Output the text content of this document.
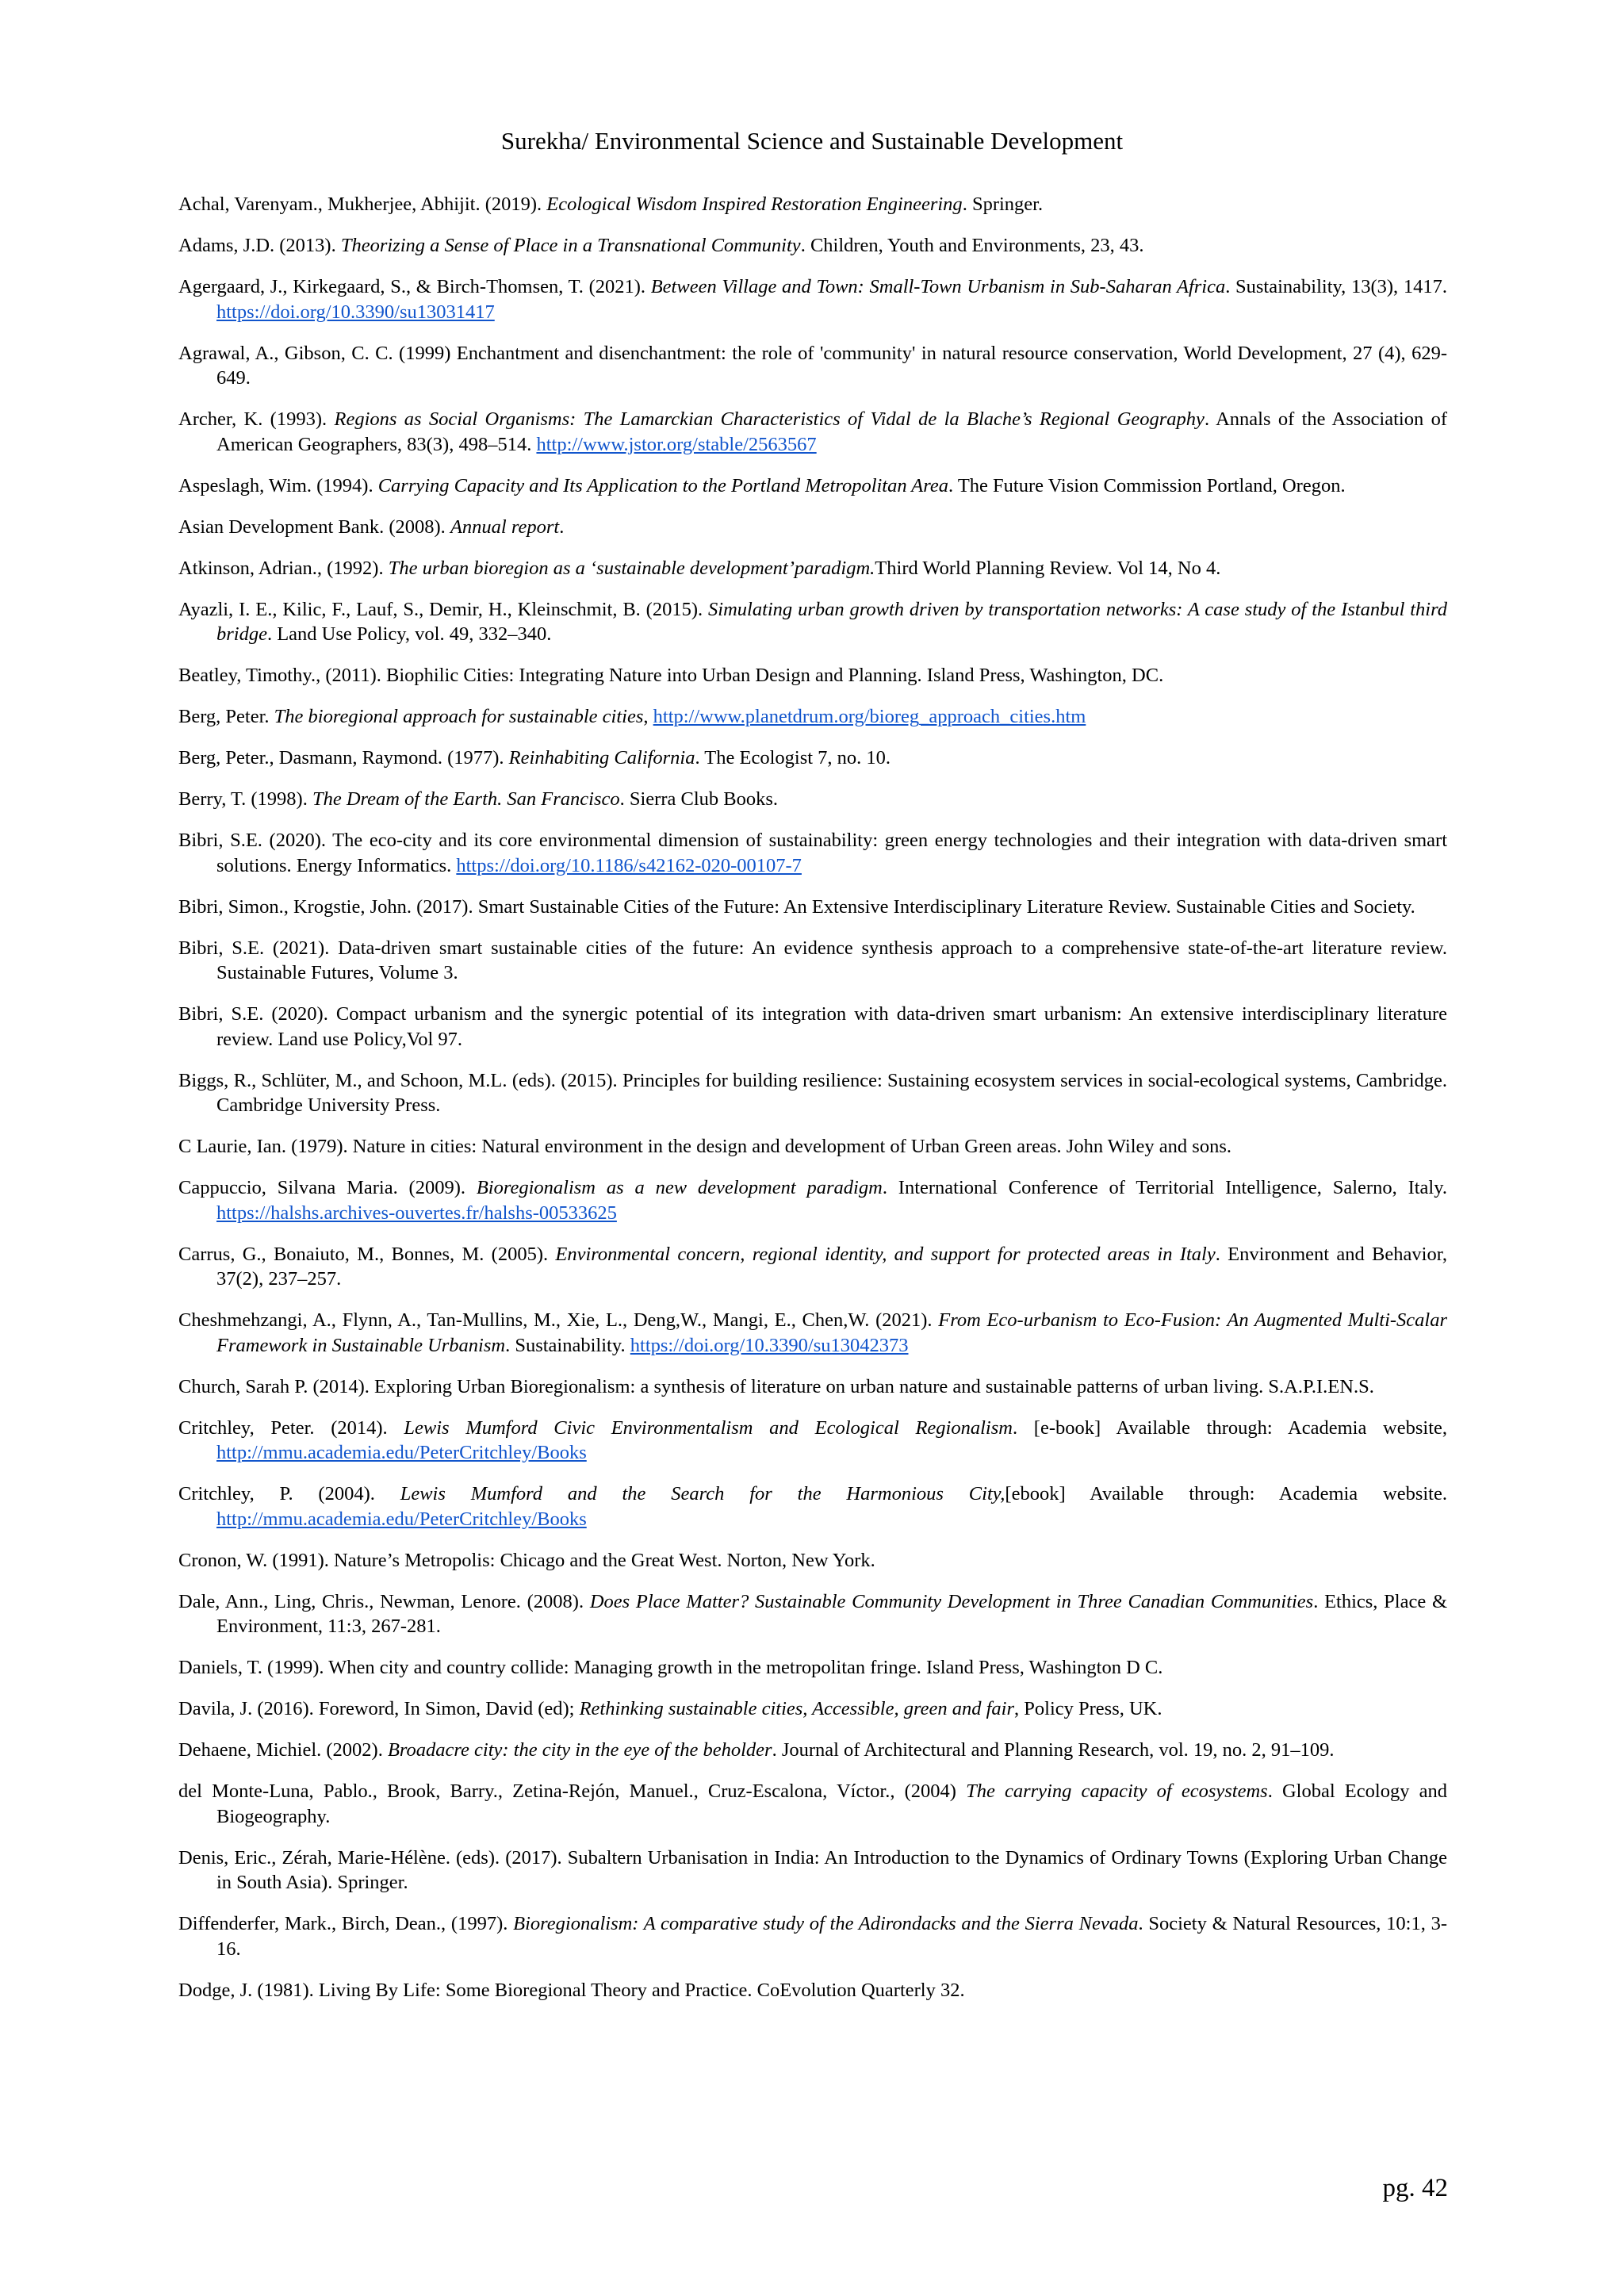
Surekha/ Environmental Science and Sustainable Development

Achal, Varenyam., Mukherjee, Abhijit. (2019). Ecological Wisdom Inspired Restoration Engineering. Springer.

Adams, J.D. (2013). Theorizing a Sense of Place in a Transnational Community. Children, Youth and Environments, 23, 43.

Agergaard, J., Kirkegaard, S., & Birch-Thomsen, T. (2021). Between Village and Town: Small-Town Urbanism in Sub-Saharan Africa. Sustainability, 13(3), 1417. https://doi.org/10.3390/su13031417

Agrawal, A., Gibson, C. C. (1999) Enchantment and disenchantment: the role of 'community' in natural resource conservation, World Development, 27 (4), 629-649.

Archer, K. (1993). Regions as Social Organisms: The Lamarckian Characteristics of Vidal de la Blache’s Regional Geography. Annals of the Association of American Geographers, 83(3), 498–514. http://www.jstor.org/stable/2563567

Aspeslagh, Wim. (1994). Carrying Capacity and Its Application to the Portland Metropolitan Area. The Future Vision Commission Portland, Oregon.

Asian Development Bank. (2008). Annual report.

Atkinson, Adrian., (1992). The urban bioregion as a ‘sustainable development’paradigm.Third World Planning Review. Vol 14, No 4.

Ayazli, I. E., Kilic, F., Lauf, S., Demir, H., Kleinschmit, B. (2015). Simulating urban growth driven by transportation networks: A case study of the Istanbul third bridge. Land Use Policy, vol. 49, 332–340.

Beatley, Timothy., (2011). Biophilic Cities: Integrating Nature into Urban Design and Planning. Island Press, Washington, DC.

Berg, Peter. The bioregional approach for sustainable cities, http://www.planetdrum.org/bioreg_approach_cities.htm

Berg, Peter., Dasmann, Raymond. (1977). Reinhabiting California. The Ecologist 7, no. 10.

Berry, T. (1998). The Dream of the Earth. San Francisco. Sierra Club Books.

Bibri, S.E. (2020). The eco-city and its core environmental dimension of sustainability: green energy technologies and their integration with data-driven smart solutions. Energy Informatics. https://doi.org/10.1186/s42162-020-00107-7

Bibri, Simon., Krogstie, John. (2017). Smart Sustainable Cities of the Future: An Extensive Interdisciplinary Literature Review. Sustainable Cities and Society.

Bibri, S.E. (2021). Data-driven smart sustainable cities of the future: An evidence synthesis approach to a comprehensive state-of-the-art literature review. Sustainable Futures, Volume 3.

Bibri, S.E. (2020). Compact urbanism and the synergic potential of its integration with data-driven smart urbanism: An extensive interdisciplinary literature review. Land use Policy,Vol 97.

Biggs, R., Schlüter, M., and Schoon, M.L. (eds). (2015). Principles for building resilience: Sustaining ecosystem services in social-ecological systems, Cambridge. Cambridge University Press.

C Laurie, Ian. (1979). Nature in cities: Natural environment in the design and development of Urban Green areas. John Wiley and sons.

Cappuccio, Silvana Maria. (2009). Bioregionalism as a new development paradigm. International Conference of Territorial Intelligence, Salerno, Italy. https://halshs.archives-ouvertes.fr/halshs-00533625

Carrus, G., Bonaiuto, M., Bonnes, M. (2005). Environmental concern, regional identity, and support for protected areas in Italy. Environment and Behavior, 37(2), 237–257.

Cheshmehzangi, A., Flynn, A., Tan-Mullins, M., Xie, L., Deng,W., Mangi, E., Chen,W. (2021). From Eco-urbanism to Eco-Fusion: An Augmented Multi-Scalar Framework in Sustainable Urbanism. Sustainability. https://doi.org/10.3390/su13042373

Church, Sarah P. (2014). Exploring Urban Bioregionalism: a synthesis of literature on urban nature and sustainable patterns of urban living. S.A.P.I.EN.S.

Critchley, Peter. (2014). Lewis Mumford Civic Environmentalism and Ecological Regionalism. [e-book] Available through: Academia website, http://mmu.academia.edu/PeterCritchley/Books

Critchley, P. (2004). Lewis Mumford and the Search for the Harmonious City,[ebook] Available through: Academia website. http://mmu.academia.edu/PeterCritchley/Books

Cronon, W. (1991). Nature’s Metropolis: Chicago and the Great West. Norton, New York.

Dale, Ann., Ling, Chris., Newman, Lenore. (2008). Does Place Matter? Sustainable Community Development in Three Canadian Communities. Ethics, Place & Environment, 11:3, 267-281.

Daniels, T. (1999). When city and country collide: Managing growth in the metropolitan fringe. Island Press, Washington D C.

Davila, J. (2016). Foreword, In Simon, David (ed); Rethinking sustainable cities, Accessible, green and fair, Policy Press, UK.

Dehaene, Michiel. (2002). Broadacre city: the city in the eye of the beholder. Journal of Architectural and Planning Research, vol. 19, no. 2, 91–109.

del Monte-Luna, Pablo., Brook, Barry., Zetina-Rejón, Manuel., Cruz-Escalona, Víctor., (2004) The carrying capacity of ecosystems. Global Ecology and Biogeography.

Denis, Eric., Zérah, Marie-Hélène. (eds). (2017). Subaltern Urbanisation in India: An Introduction to the Dynamics of Ordinary Towns (Exploring Urban Change in South Asia). Springer.

Diffenderfer, Mark., Birch, Dean., (1997). Bioregionalism: A comparative study of the Adirondacks and the Sierra Nevada. Society & Natural Resources, 10:1, 3-16.

Dodge, J. (1981). Living By Life: Some Bioregional Theory and Practice. CoEvolution Quarterly 32.

pg. 42
